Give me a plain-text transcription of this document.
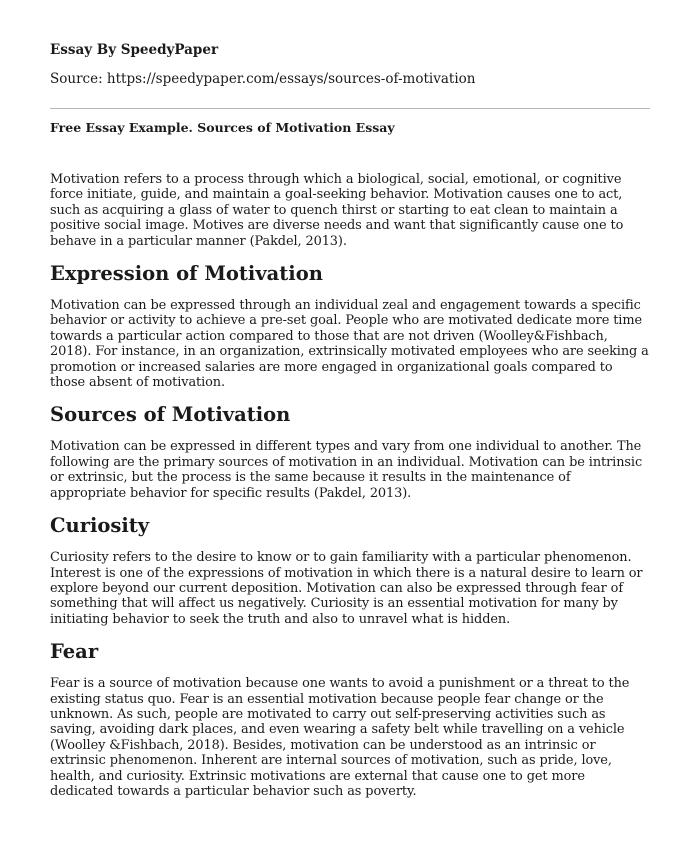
Essay By SpeedyPaper
Source: https://speedypaper.com/essays/sources-of-motivation
Free Essay Example. Sources of Motivation Essay

Motivation refers to a process through which a biological, social, emotional, or cognitive force initiate, guide, and maintain a goal-seeking behavior. Motivation causes one to act, such as acquiring a glass of water to quench thirst or starting to eat clean to maintain a positive social image. Motives are diverse needs and want that significantly cause one to behave in a particular manner (Pakdel, 2013).

Expression of Motivation

Motivation can be expressed through an individual zeal and engagement towards a specific behavior or activity to achieve a pre-set goal. People who are motivated dedicate more time towards a particular action compared to those that are not driven (Woolley&Fishbach, 2018). For instance, in an organization, extrinsically motivated employees who are seeking a promotion or increased salaries are more engaged in organizational goals compared to those absent of motivation.

Sources of Motivation

Motivation can be expressed in different types and vary from one individual to another. The following are the primary sources of motivation in an individual. Motivation can be intrinsic or extrinsic, but the process is the same because it results in the maintenance of appropriate behavior for specific results (Pakdel, 2013).

Curiosity

Curiosity refers to the desire to know or to gain familiarity with a particular phenomenon. Interest is one of the expressions of motivation in which there is a natural desire to learn or explore beyond our current deposition. Motivation can also be expressed through fear of something that will affect us negatively. Curiosity is an essential motivation for many by initiating behavior to seek the truth and also to unravel what is hidden.

Fear

Fear is a source of motivation because one wants to avoid a punishment or a threat to the existing status quo. Fear is an essential motivation because people fear change or the unknown. As such, people are motivated to carry out self-preserving activities such as saving, avoiding dark places, and even wearing a safety belt while travelling on a vehicle (Woolley &Fishbach, 2018). Besides, motivation can be understood as an intrinsic or extrinsic phenomenon. Inherent are internal sources of motivation, such as pride, love, health, and curiosity. Extrinsic motivations are external that cause one to get more dedicated towards a particular behavior such as poverty.
